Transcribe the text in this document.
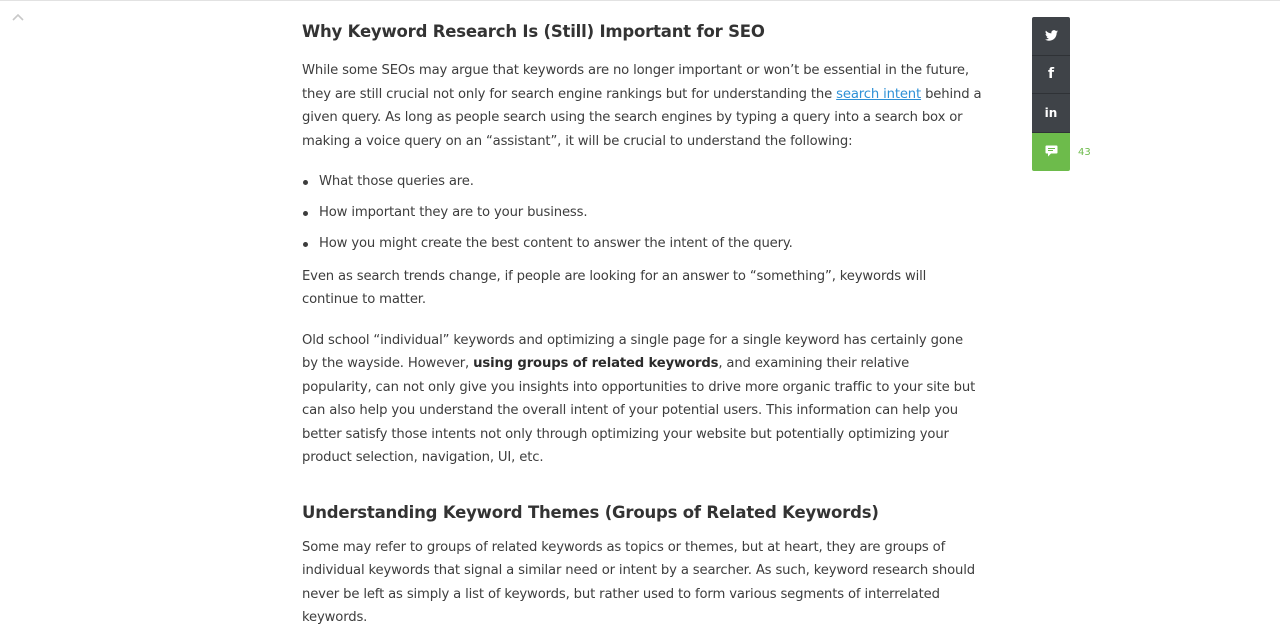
Why Keyword Research Is (Still) Important for SEO

While some SEOs may argue that keywords are no longer important or won’t be essential in the future, they are still crucial not only for search engine rankings but for understanding the search intent behind a given query. As long as people search using the search engines by typing a query into a search box or making a voice query on an “assistant”, it will be crucial to understand the following:

What those queries are.
How important they are to your business.
How you might create the best content to answer the intent of the query.

Even as search trends change, if people are looking for an answer to “something”, keywords will continue to matter.

Old school “individual” keywords and optimizing a single page for a single keyword has certainly gone by the wayside. However, using groups of related keywords, and examining their relative popularity, can not only give you insights into opportunities to drive more organic traffic to your site but can also help you understand the overall intent of your potential users. This information can help you better satisfy those intents not only through optimizing your website but potentially optimizing your product selection, navigation, UI, etc.

Understanding Keyword Themes (Groups of Related Keywords)

Some may refer to groups of related keywords as topics or themes, but at heart, they are groups of individual keywords that signal a similar need or intent by a searcher. As such, keyword research should never be left as simply a list of keywords, but rather used to form various segments of interrelated keywords.

f
in
43
